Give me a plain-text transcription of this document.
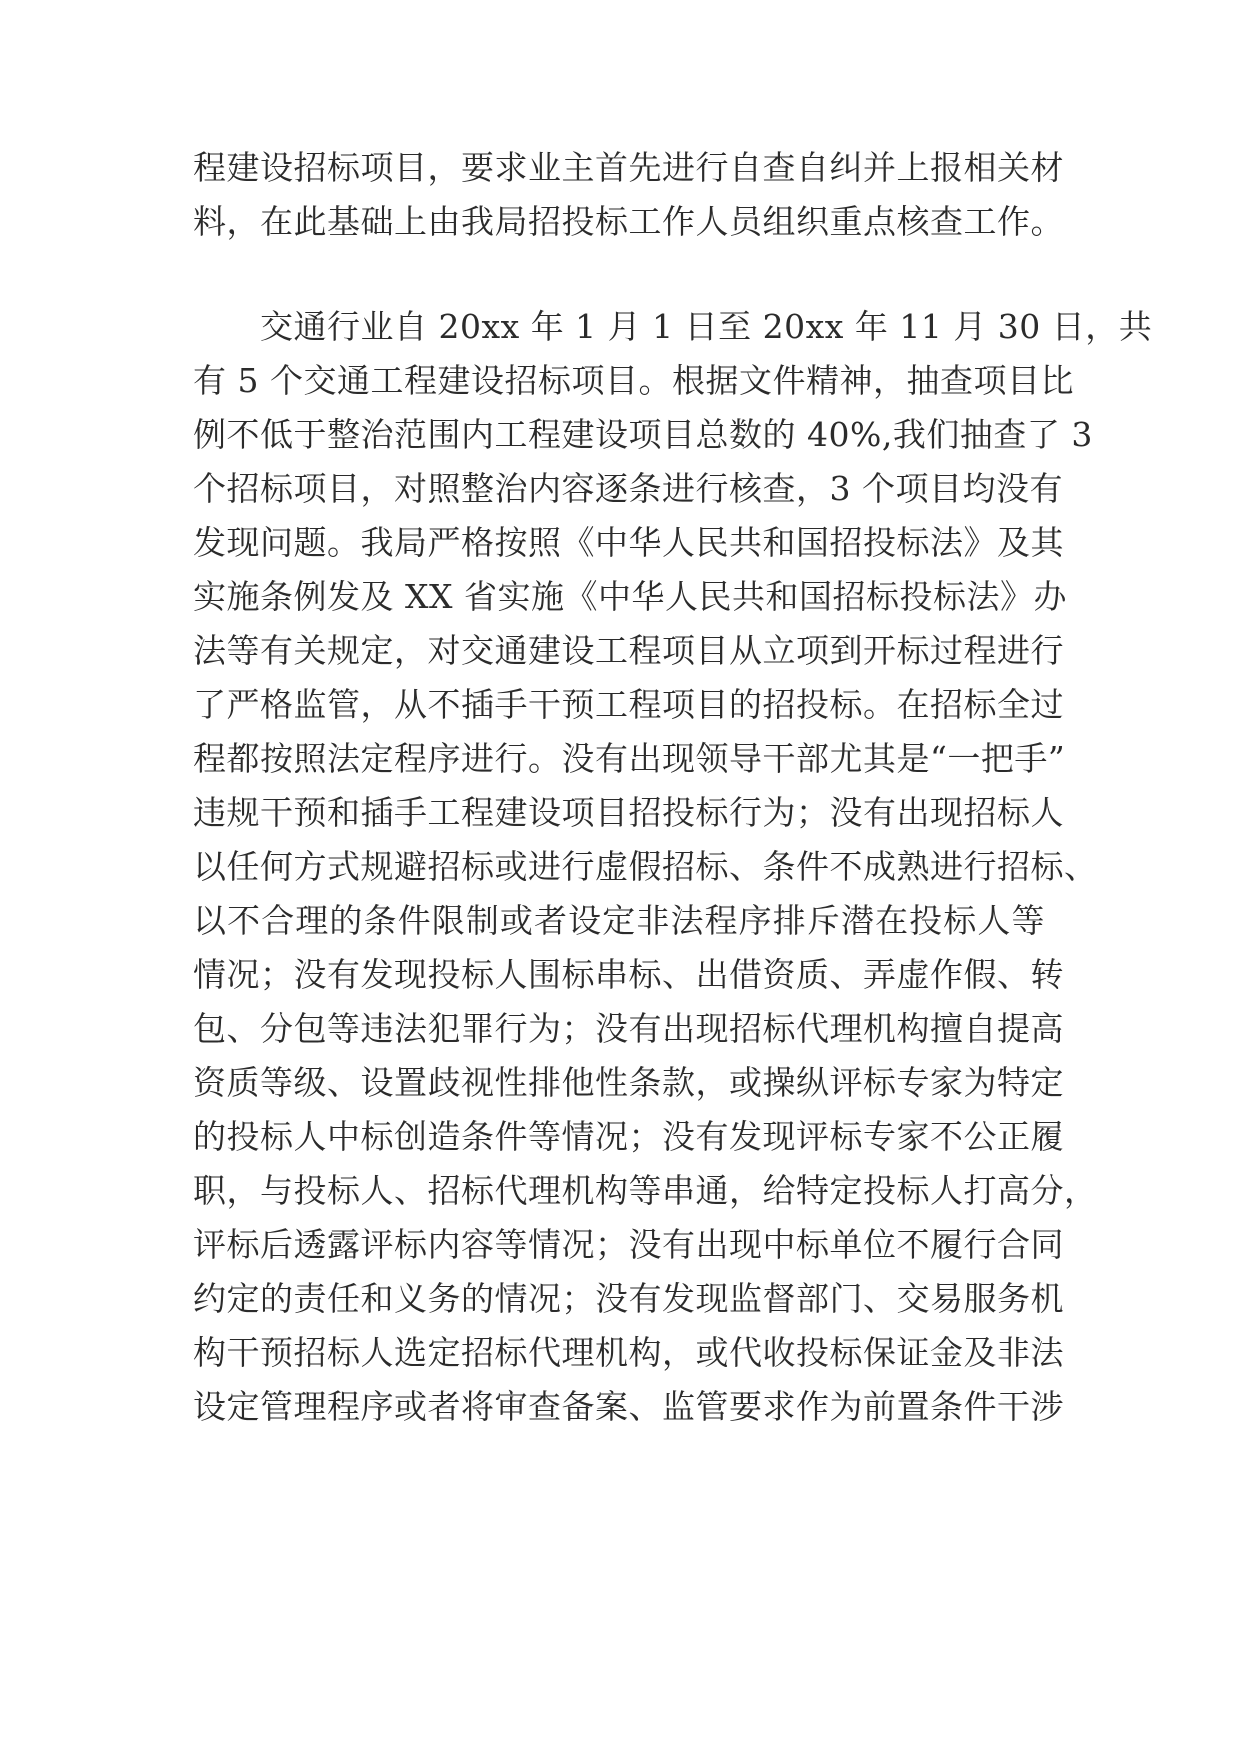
程建设招标项目，要求业主首先进行自查自纠并上报相关材
料，在此基础上由我局招投标工作人员组织重点核查工作。
交通行业自 20xx 年 1 月 1 日至 20xx 年 11 月 30 日，共
有 5 个交通工程建设招标项目。根据文件精神，抽查项目比
例不低于整治范围内工程建设项目总数的 40%,我们抽查了 3
个招标项目，对照整治内容逐条进行核查，3 个项目均没有
发现问题。我局严格按照《中华人民共和国招投标法》及其
实施条例发及 XX 省实施《中华人民共和国招标投标法》办
法等有关规定，对交通建设工程项目从立项到开标过程进行
了严格监管，从不插手干预工程项目的招投标。在招标全过
程都按照法定程序进行。没有出现领导干部尤其是“一把手”
违规干预和插手工程建设项目招投标行为；没有出现招标人
以任何方式规避招标或进行虚假招标、条件不成熟进行招标、
以不合理的条件限制或者设定非法程序排斥潜在投标人等
情况；没有发现投标人围标串标、出借资质、弄虚作假、转
包、分包等违法犯罪行为；没有出现招标代理机构擅自提高
资质等级、设置歧视性排他性条款，或操纵评标专家为特定
的投标人中标创造条件等情况；没有发现评标专家不公正履
职，与投标人、招标代理机构等串通，给特定投标人打高分，
评标后透露评标内容等情况；没有出现中标单位不履行合同
约定的责任和义务的情况；没有发现监督部门、交易服务机
构干预招标人选定招标代理机构，或代收投标保证金及非法
设定管理程序或者将审查备案、监管要求作为前置条件干涉
